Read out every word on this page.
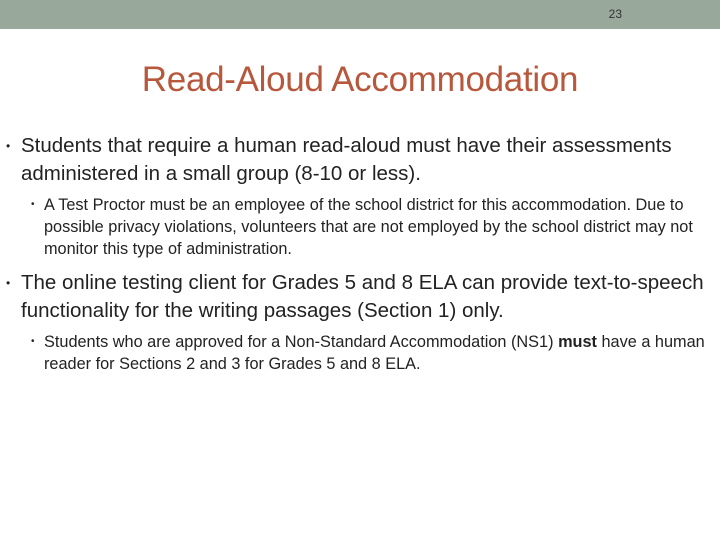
23
Read-Aloud Accommodation
• Students that require a human read-aloud must have their assessments administered in a small group (8-10 or less).
• A Test Proctor must be an employee of the school district for this accommodation. Due to possible privacy violations, volunteers that are not employed by the school district may not monitor this type of administration.
• The online testing client for Grades 5 and 8 ELA can provide text-to-speech functionality for the writing passages (Section 1) only.
• Students who are approved for a Non-Standard Accommodation (NS1) must have a human reader for Sections 2 and 3 for Grades 5 and 8 ELA.
